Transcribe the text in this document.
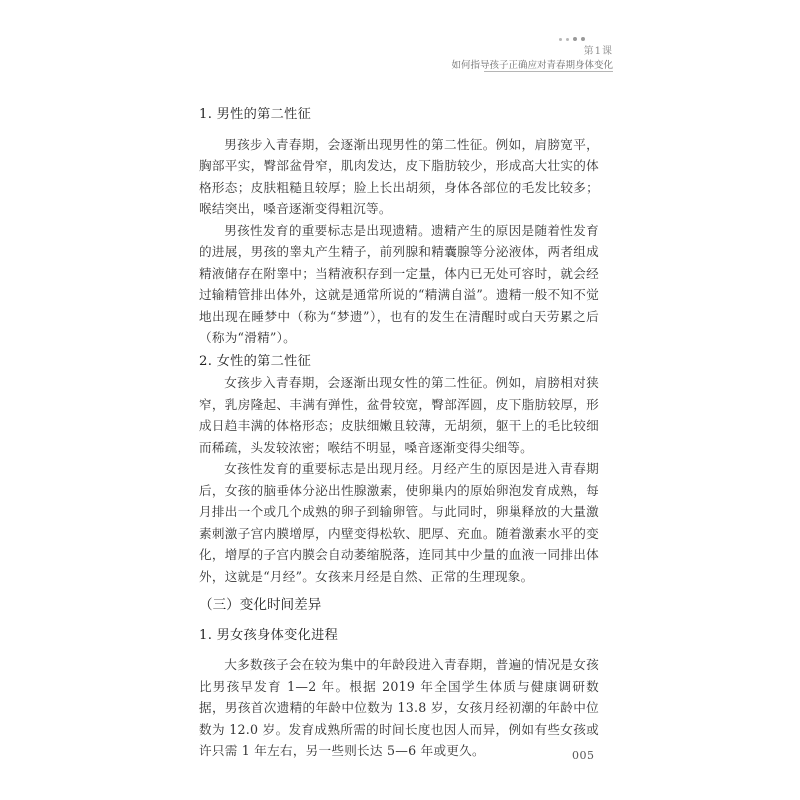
第1课
如何指导孩子正确应对青春期身体变化

1. 男性的第二性征

男孩步入青春期，会逐渐出现男性的第二性征。例如，肩膀宽平，胸部平实，臀部盆骨窄，肌肉发达，皮下脂肪较少，形成高大壮实的体格形态；皮肤粗糙且较厚；脸上长出胡须，身体各部位的毛发比较多；喉结突出，嗓音逐渐变得粗沉等。

男孩性发育的重要标志是出现遗精。遗精产生的原因是随着性发育的进展，男孩的睾丸产生精子，前列腺和精囊腺等分泌液体，两者组成精液储存在附睾中；当精液积存到一定量，体内已无处可容时，就会经过输精管排出体外，这就是通常所说的“精满自溢”。遗精一般不知不觉地出现在睡梦中（称为“梦遗”），也有的发生在清醒时或白天劳累之后（称为“滑精”）。

2. 女性的第二性征

女孩步入青春期，会逐渐出现女性的第二性征。例如，肩膀相对狭窄，乳房隆起、丰满有弹性，盆骨较宽，臀部浑圆，皮下脂肪较厚，形成日趋丰满的体格形态；皮肤细嫩且较薄，无胡须，躯干上的毛比较细而稀疏，头发较浓密；喉结不明显，嗓音逐渐变得尖细等。

女孩性发育的重要标志是出现月经。月经产生的原因是进入青春期后，女孩的脑垂体分泌出性腺激素，使卵巢内的原始卵泡发育成熟，每月排出一个或几个成熟的卵子到输卵管。与此同时，卵巢释放的大量激素刺激子宫内膜增厚，内壁变得松软、肥厚、充血。随着激素水平的变化，增厚的子宫内膜会自动萎缩脱落，连同其中少量的血液一同排出体外，这就是“月经”。女孩来月经是自然、正常的生理现象。

（三）变化时间差异

1. 男女孩身体变化进程

大多数孩子会在较为集中的年龄段进入青春期，普遍的情况是女孩比男孩早发育 1—2 年。根据 2019 年全国学生体质与健康调研数据，男孩首次遗精的年龄中位数为 13.8 岁，女孩月经初潮的年龄中位数为 12.0 岁。发育成熟所需的时间长度也因人而异，例如有些女孩或许只需 1 年左右，另一些则长达 5—6 年或更久。	005
